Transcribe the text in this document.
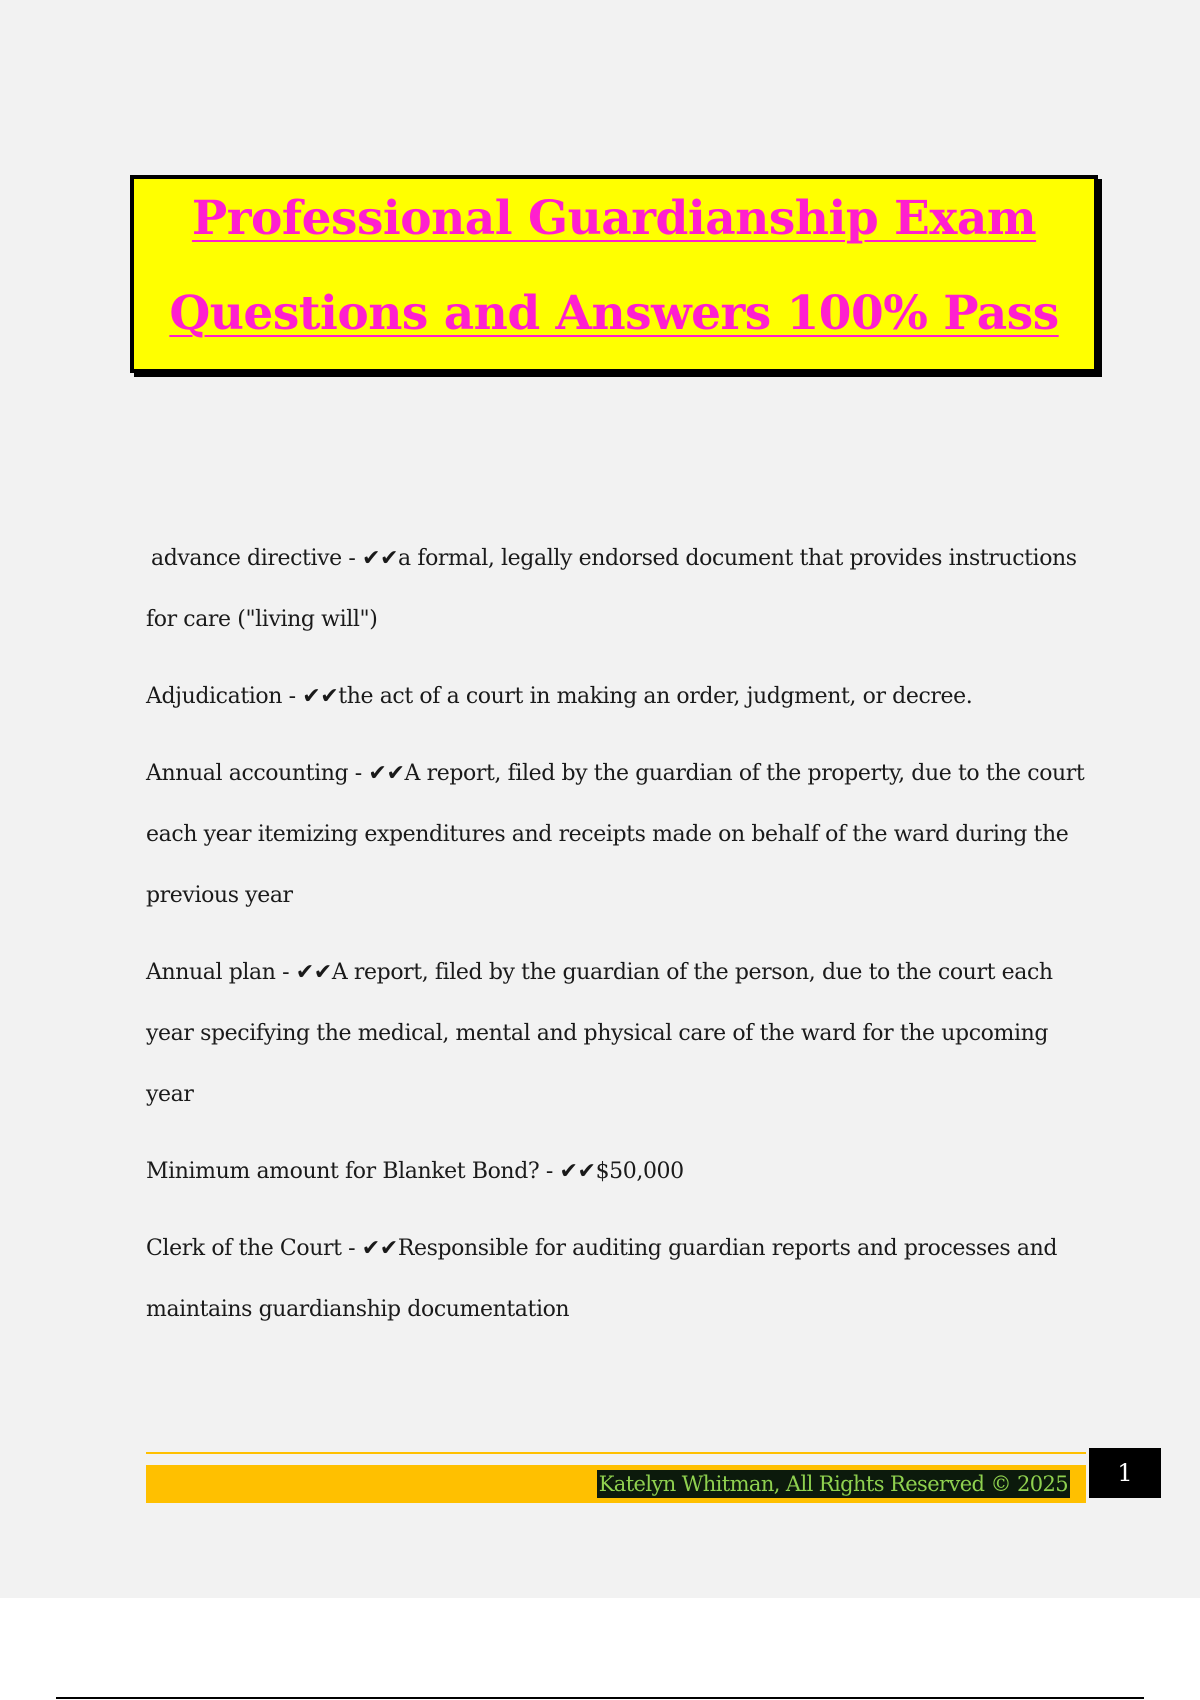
Professional Guardianship Exam

Questions and Answers 100% Pass

advance directive - ✔✔a formal, legally endorsed document that provides instructions for care ("living will")

Adjudication - ✔✔the act of a court in making an order, judgment, or decree.

Annual accounting - ✔✔A report, filed by the guardian of the property, due to the court each year itemizing expenditures and receipts made on behalf of the ward during the previous year

Annual plan - ✔✔A report, filed by the guardian of the person, due to the court each year specifying the medical, mental and physical care of the ward for the upcoming year

Minimum amount for Blanket Bond? - ✔✔$50,000

Clerk of the Court - ✔✔Responsible for auditing guardian reports and processes and maintains guardianship documentation

Katelyn Whitman, All Rights Reserved © 2025	1
